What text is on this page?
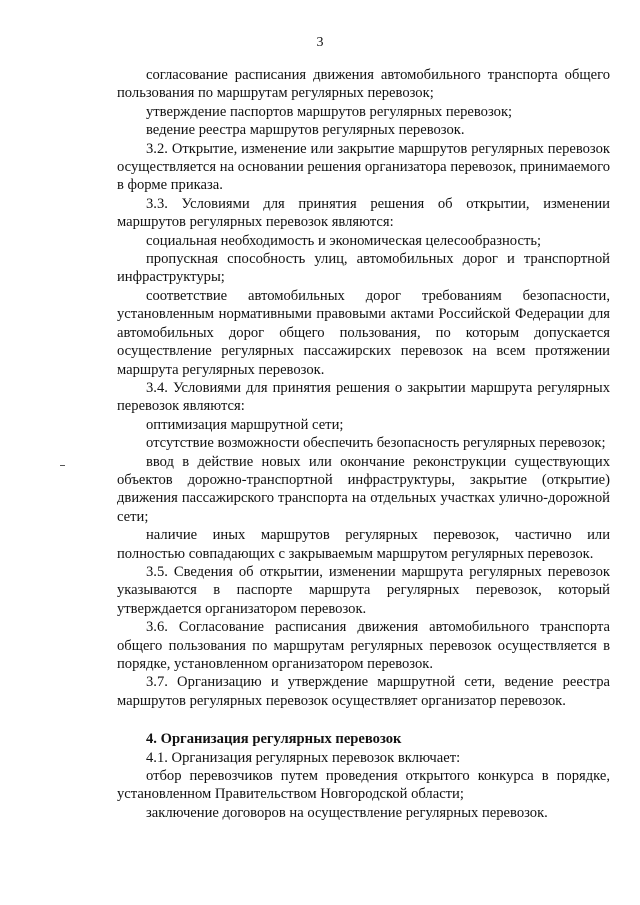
3

согласование расписания движения автомобильного транспорта общего пользования по маршрутам регулярных перевозок;

утверждение паспортов маршрутов регулярных перевозок;

ведение реестра маршрутов регулярных перевозок.

3.2. Открытие, изменение или закрытие маршрутов регулярных перевозок осуществляется на основании решения организатора перевозок, принимаемого в форме приказа.

3.3. Условиями для принятия решения об открытии, изменении маршрутов регулярных перевозок являются:

социальная необходимость и экономическая целесообразность;

пропускная способность улиц, автомобильных дорог и транспортной инфраструктуры;

соответствие автомобильных дорог требованиям безопасности, установленным нормативными правовыми актами Российской Федерации для автомобильных дорог общего пользования, по которым допускается осуществление регулярных пассажирских перевозок на всем протяжении маршрута регулярных перевозок.

3.4. Условиями для принятия решения о закрытии маршрута регулярных перевозок являются:

оптимизация маршрутной сети;

отсутствие возможности обеспечить безопасность регулярных перевозок;

ввод в действие новых или окончание реконструкции существующих объектов дорожно-транспортной инфраструктуры, закрытие (открытие) движения пассажирского транспорта на отдельных участках улично-дорожной сети;

наличие иных маршрутов регулярных перевозок, частично или полностью совпадающих с закрываемым маршрутом регулярных перевозок.

3.5. Сведения об открытии, изменении маршрута регулярных перевозок указываются в паспорте маршрута регулярных перевозок, который утверждается организатором перевозок.

3.6. Согласование расписания движения автомобильного транспорта общего пользования по маршрутам регулярных перевозок осуществляется в порядке, установленном организатором перевозок.

3.7. Организацию и утверждение маршрутной сети, ведение реестра маршрутов регулярных перевозок осуществляет организатор перевозок.

4. Организация регулярных перевозок

4.1. Организация регулярных перевозок включает:

отбор перевозчиков путем проведения открытого конкурса в порядке, установленном Правительством Новгородской области;

заключение договоров на осуществление регулярных перевозок.
